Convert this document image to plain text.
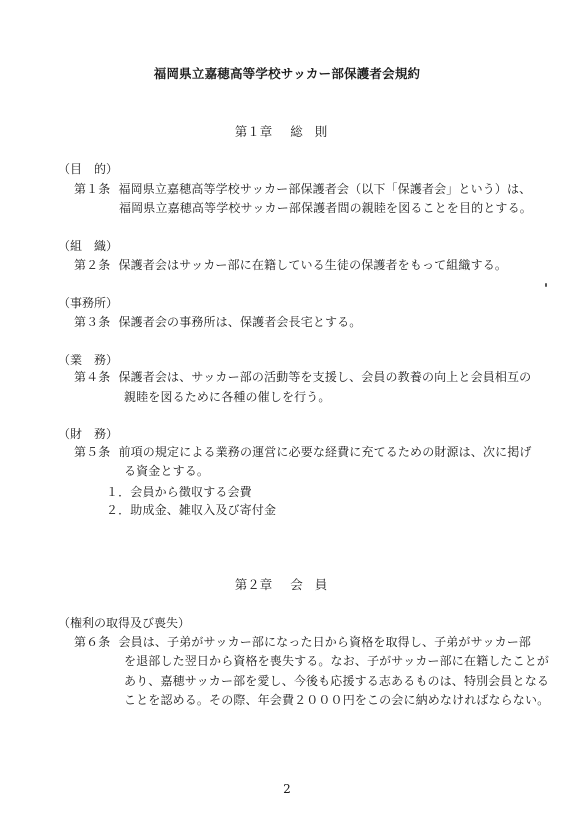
福岡県立嘉穂高等学校サッカー部保護者会規約
第１章 総則
（目　的）
第１条 福岡県立嘉穂高等学校サッカー部保護者会（以下「保護者会」という）は、
福岡県立嘉穂高等学校サッカー部保護者間の親睦を図ることを目的とする。
（組　織）
第２条 保護者会はサッカー部に在籍している生徒の保護者をもって組織する。
（事務所）
第３条 保護者会の事務所は、保護者会長宅とする。
（業　務）
第４条 保護者会は、サッカー部の活動等を支援し、会員の教養の向上と会員相互の
親睦を図るために各種の催しを行う。
（財　務）
第５条 前項の規定による業務の運営に必要な経費に充てるための財源は、次に掲げ
る資金とする。
１．会員から徴収する会費
２．助成金、雑収入及び寄付金
第２章 会員
（権利の取得及び喪失）
第６条 会員は、子弟がサッカー部になった日から資格を取得し、子弟がサッカー部
を退部した翌日から資格を喪失する。なお、子がサッカー部に在籍したことが
あり、嘉穂サッカー部を愛し、今後も応援する志あるものは、特別会員となる
ことを認める。その際、年会費２０００円をこの会に納めなければならない。
2
